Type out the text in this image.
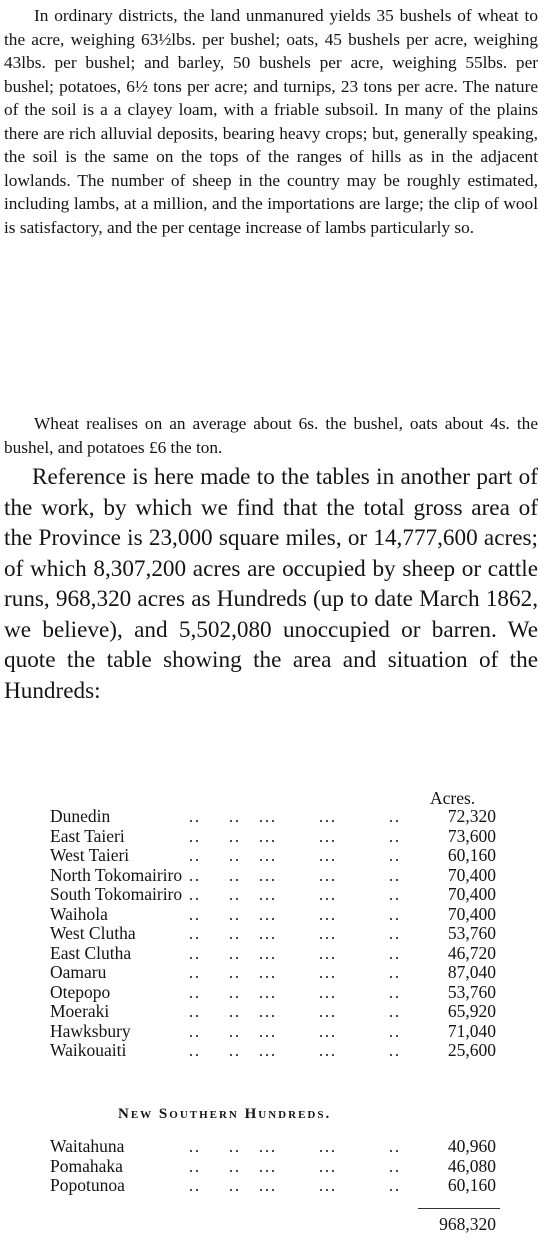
In ordinary districts, the land unmanured yields 35 bushels of wheat to the acre, weighing 63½lbs. per bushel; oats, 45 bushels per acre, weighing 43lbs. per bushel; and barley, 50 bushels per acre, weighing 55lbs. per bushel; potatoes, 6½ tons per acre; and turnips, 23 tons per acre. The nature of the soil is a a clayey loam, with a friable subsoil. In many of the plains there are rich alluvial deposits, bearing heavy crops; but, generally speaking, the soil is the same on the tops of the ranges of hills as in the adjacent lowlands. The number of sheep in the country may be roughly estimated, including lambs, at a million, and the importations are large; the clip of wool is satisfactory, and the per centage increase of lambs particularly so.

Wheat realises on an average about 6s. the bushel, oats about 4s. the bushel, and potatoes £6 the ton.

Reference is here made to the tables in another part of the work, by which we find that the total gross area of the Province is 23,000 square miles, or 14,777,600 acres; of which 8,307,200 acres are occupied by sheep or cattle runs, 968,320 acres as Hundreds (up to date March 1862, we believe), and 5,502,080 unoccupied or barren. We quote the table showing the area and situation of the Hundreds:

Acres.
Dunedin	72,320
East Taieri	73,600
West Taieri	60,160
North Tokomairiro	70,400
South Tokomairiro	70,400
Waihola	70,400
West Clutha	53,760
East Clutha	46,720
Oamaru	87,040
Otepopo	53,760
Moeraki	65,920
Hawksbury	71,040
Waikouaiti	25,600
New Southern Hundreds.
Waitahuna	40,960
Pomahaka	46,080
Popotunoa	60,160
968,320
